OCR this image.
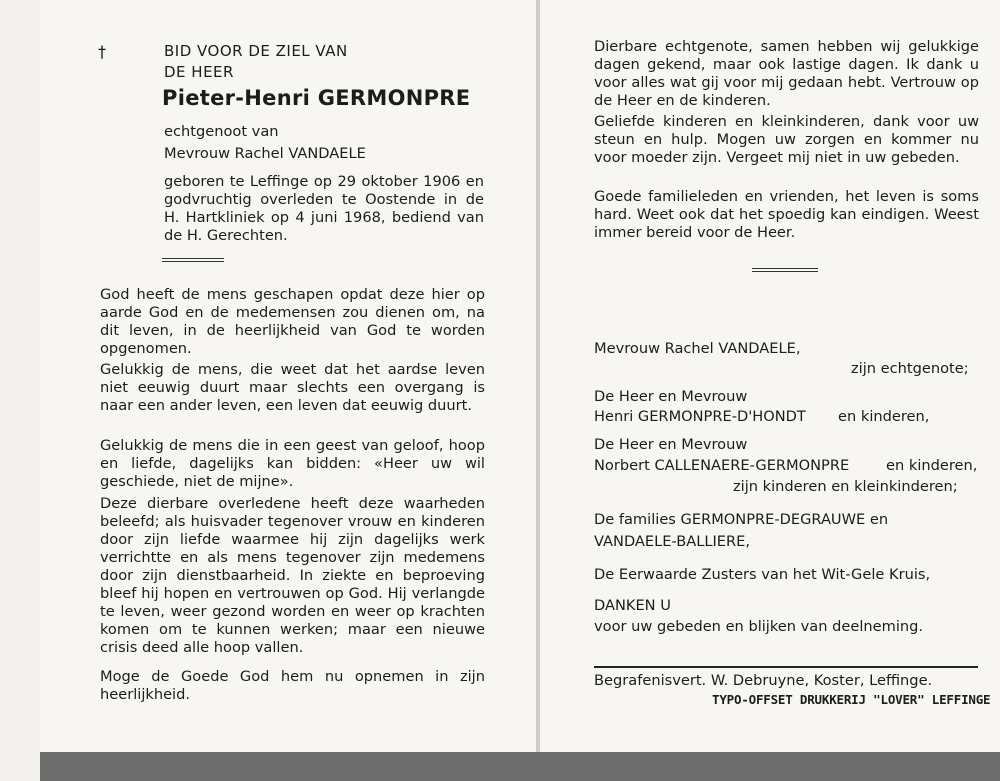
†	BID VOOR DE ZIEL VAN
DE HEER
Pieter-Henri GERMONPRE
echtgenoot van
Mevrouw Rachel VANDAELE
geboren te Leffinge op 29 oktober 1906 en godvruchtig overleden te Oostende in de H. Hartkliniek op 4 juni 1968, bediend van de H. Gerechten.
God heeft de mens geschapen opdat deze hier op aarde God en de medemensen zou dienen om, na dit leven, in de heerlijkheid van God te worden opgenomen.
Gelukkig de mens, die weet dat het aardse leven niet eeuwig duurt maar slechts een overgang is naar een ander leven, een leven dat eeuwig duurt.
Gelukkig de mens die in een geest van geloof, hoop en liefde, dagelijks kan bidden: «Heer uw wil geschiede, niet de mijne».
Deze dierbare overledene heeft deze waarheden beleefd; als huisvader tegenover vrouw en kinderen door zijn liefde waarmee hij zijn dagelijks werk verrichtte en als mens tegenover zijn medemens door zijn dienstbaarheid. In ziekte en beproeving bleef hij hopen en vertrouwen op God. Hij verlangde te leven, weer gezond worden en weer op krachten komen om te kunnen werken; maar een nieuwe crisis deed alle hoop vallen.
Moge de Goede God hem nu opnemen in zijn heerlijkheid.
Dierbare echtgenote, samen hebben wij gelukkige dagen gekend, maar ook lastige dagen. Ik dank u voor alles wat gij voor mij gedaan hebt. Vertrouw op de Heer en de kinderen.
Geliefde kinderen en kleinkinderen, dank voor uw steun en hulp. Mogen uw zorgen en kommer nu voor moeder zijn. Vergeet mij niet in uw gebeden.
Goede familieleden en vrienden, het leven is soms hard. Weet ook dat het spoedig kan eindigen. Weest immer bereid voor de Heer.
Mevrouw Rachel VANDAELE,
zijn echtgenote;
De Heer en Mevrouw
Henri GERMONPRE-D'HONDT en kinderen,
De Heer en Mevrouw
Norbert CALLENAERE-GERMONPRE	en kinderen,
zijn kinderen en kleinkinderen;
De families GERMONPRE-DEGRAUWE en
VANDAELE-BALLIERE,
De Eerwaarde Zusters van het Wit-Gele Kruis,
DANKEN U
voor uw gebeden en blijken van deelneming.
Begrafenisvert. W. Debruyne, Koster, Leffinge.
TYPO-OFFSET DRUKKERIJ "LOVER" LEFFINGE
